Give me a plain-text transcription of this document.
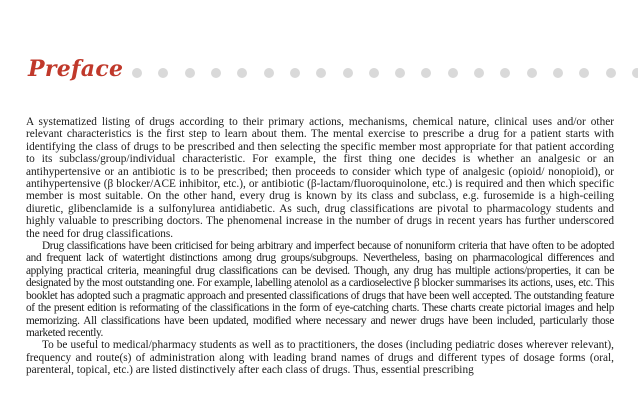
Preface

A systematized listing of drugs according to their primary actions, mechanisms, chemical nature, clinical uses and/or other relevant characteristics is the first step to learn about them. The mental exercise to prescribe a drug for a patient starts with identifying the class of drugs to be prescribed and then selecting the specific member most appropriate for that patient according to its subclass/group/individual characteristic. For example, the first thing one decides is whether an analgesic or an antihypertensive or an antibiotic is to be prescribed; then proceeds to consider which type of analgesic (opioid/ nonopioid), or antihypertensive (β blocker/ACE inhibitor, etc.), or antibiotic (β-lactam/fluoroquinolone, etc.) is required and then which specific member is most suitable. On the other hand, every drug is known by its class and subclass, e.g. furosemide is a high-ceiling diuretic, glibenclamide is a sulfonylurea antidiabetic. As such, drug classifications are pivotal to pharmacology students and highly valuable to prescribing doctors. The phenomenal increase in the number of drugs in recent years has further underscored the need for drug classifications.

Drug classifications have been criticised for being arbitrary and imperfect because of nonuniform criteria that have often to be adopted and frequent lack of watertight distinctions among drug groups/subgroups. Nevertheless, basing on pharmacological differences and applying practical criteria, meaningful drug classifications can be devised. Though, any drug has multiple actions/properties, it can be designated by the most outstanding one. For example, labelling atenolol as a cardioselective β blocker summarises its actions, uses, etc. This booklet has adopted such a pragmatic approach and presented classifications of drugs that have been well accepted. The outstanding feature of the present edition is reformating of the classifications in the form of eye-catching charts. These charts create pictorial images and help memorizing. All classifications have been updated, modified where necessary and newer drugs have been included, particularly those marketed recently.

To be useful to medical/pharmacy students as well as to practitioners, the doses (including pediatric doses wherever relevant), frequency and route(s) of administration along with leading brand names of drugs and different types of dosage forms (oral, parenteral, topical, etc.) are listed distinctively after each class of drugs. Thus, essential prescribing
